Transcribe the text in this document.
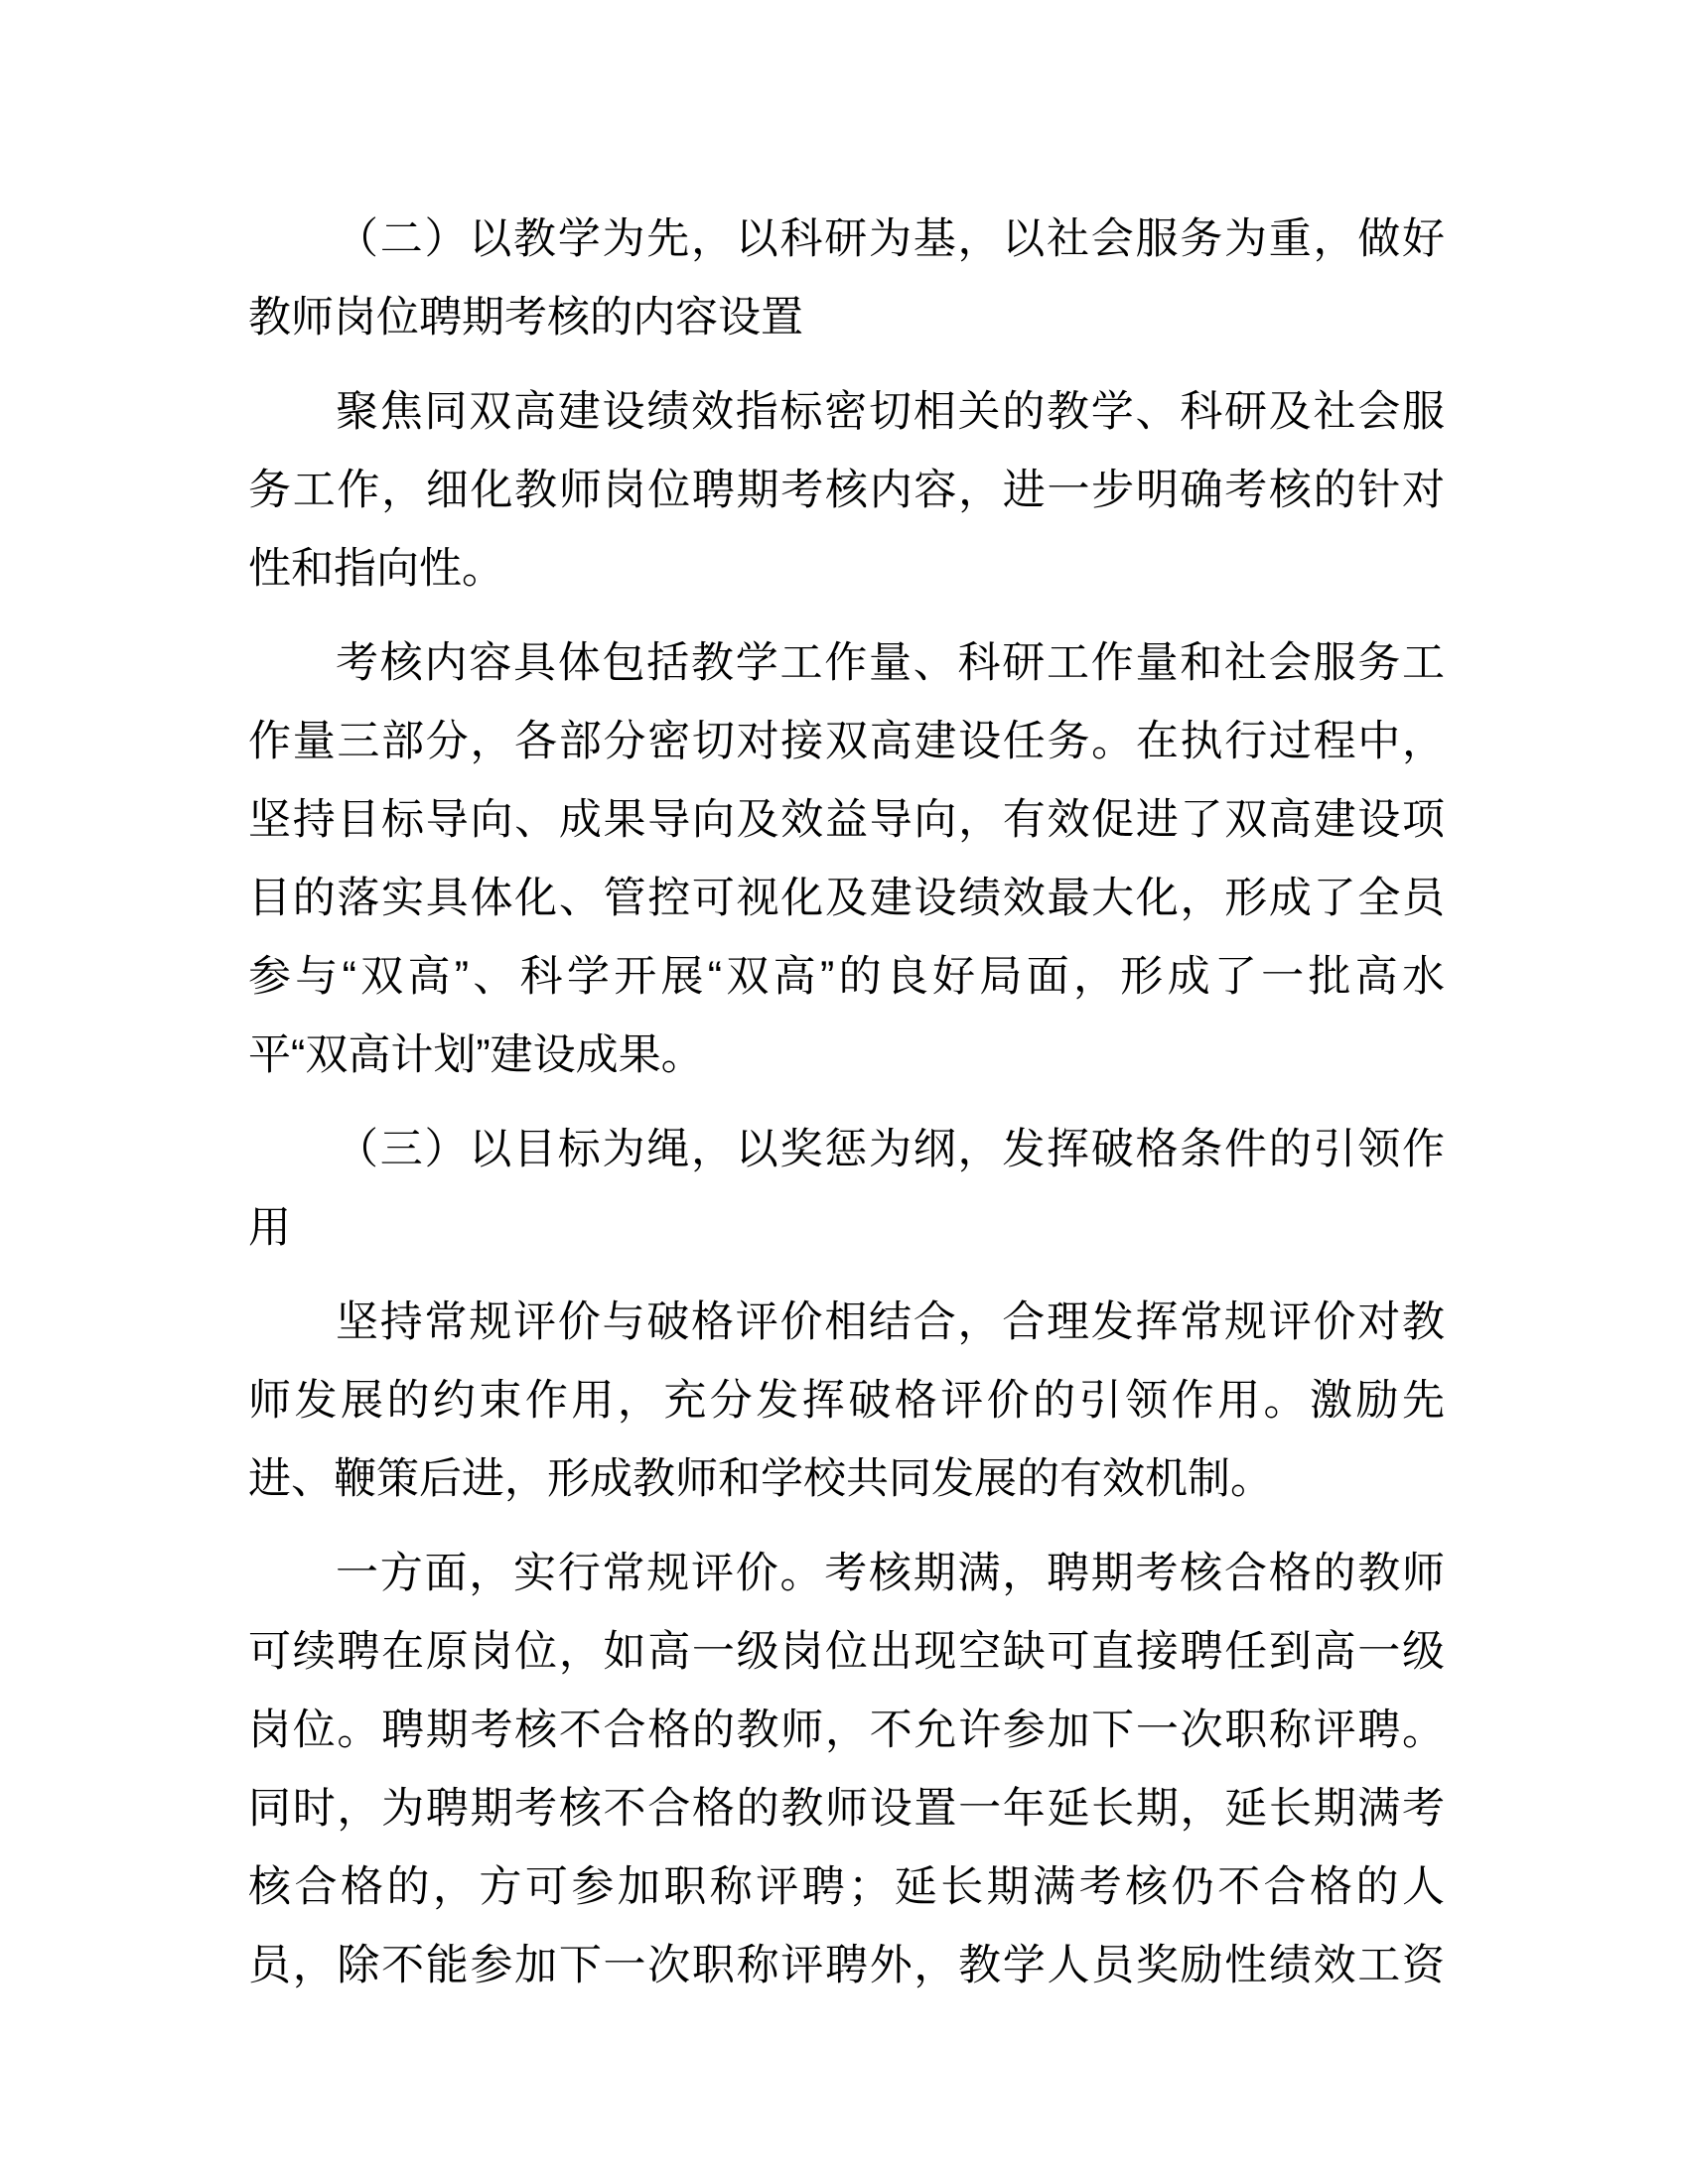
（二）以教学为先，以科研为基，以社会服务为重，做好
教师岗位聘期考核的内容设置
聚焦同双高建设绩效指标密切相关的教学、科研及社会服
务工作，细化教师岗位聘期考核内容，进一步明确考核的针对
性和指向性。
考核内容具体包括教学工作量、科研工作量和社会服务工
作量三部分，各部分密切对接双高建设任务。在执行过程中，
坚持目标导向、成果导向及效益导向，有效促进了双高建设项
目的落实具体化、管控可视化及建设绩效最大化，形成了全员
参与“双高”、科学开展“双高”的良好局面，形成了一批高水
平“双高计划”建设成果。
（三）以目标为绳，以奖惩为纲，发挥破格条件的引领作
用
坚持常规评价与破格评价相结合，合理发挥常规评价对教
师发展的约束作用，充分发挥破格评价的引领作用。激励先
进、鞭策后进，形成教师和学校共同发展的有效机制。
一方面，实行常规评价。考核期满，聘期考核合格的教师
可续聘在原岗位，如高一级岗位出现空缺可直接聘任到高一级
岗位。聘期考核不合格的教师，不允许参加下一次职称评聘。
同时，为聘期考核不合格的教师设置一年延长期，延长期满考
核合格的，方可参加职称评聘；延长期满考核仍不合格的人
员，除不能参加下一次职称评聘外，教学人员奖励性绩效工资
